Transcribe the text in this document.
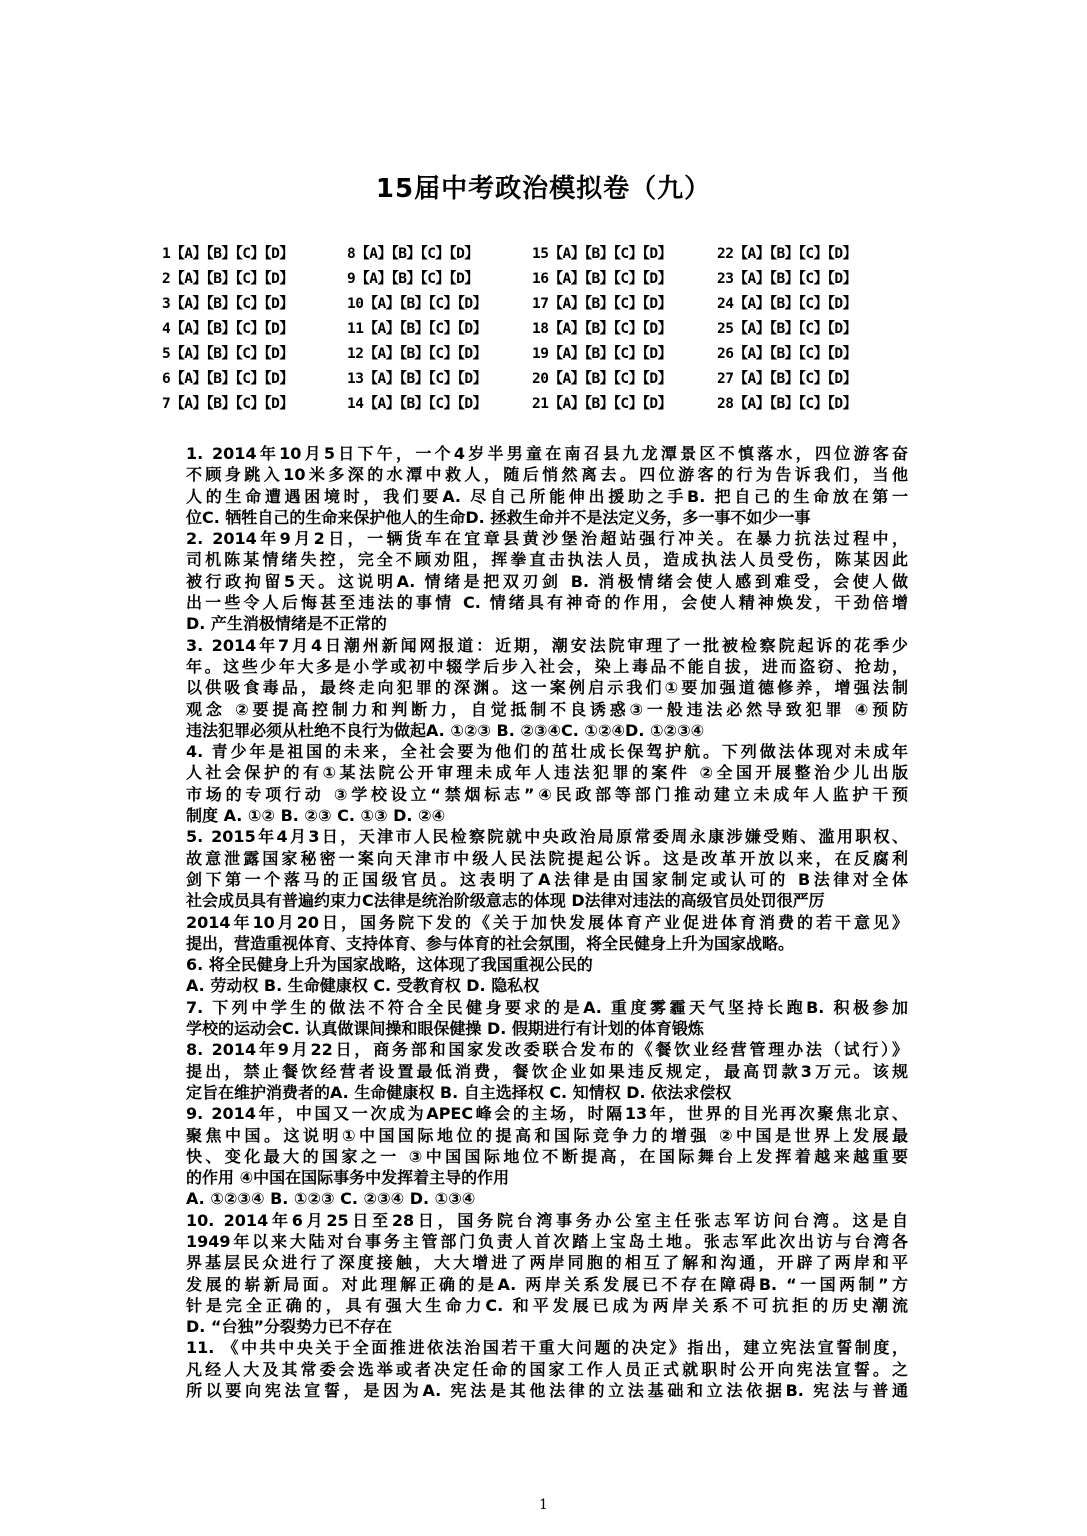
15届中考政治模拟卷（九）
1【A】【B】【C】【D】	8【A】【B】【C】【D】	15【A】【B】【C】【D】	22【A】【B】【C】【D】
2【A】【B】【C】【D】	9【A】【B】【C】【D】	16【A】【B】【C】【D】	23【A】【B】【C】【D】
3【A】【B】【C】【D】	10【A】【B】【C】【D】	17【A】【B】【C】【D】	24【A】【B】【C】【D】
4【A】【B】【C】【D】	11【A】【B】【C】【D】	18【A】【B】【C】【D】	25【A】【B】【C】【D】
5【A】【B】【C】【D】	12【A】【B】【C】【D】	19【A】【B】【C】【D】	26【A】【B】【C】【D】
6【A】【B】【C】【D】	13【A】【B】【C】【D】	20【A】【B】【C】【D】	27【A】【B】【C】【D】
7【A】【B】【C】【D】	14【A】【B】【C】【D】	21【A】【B】【C】【D】	28【A】【B】【C】【D】
1. 2014年10月5日下午，一个4岁半男童在南召县九龙潭景区不慎落水，四位游客奋
不顾身跳入10米多深的水潭中救人，随后悄然离去。四位游客的行为告诉我们，当他
人的生命遭遇困境时，我们要A. 尽自己所能伸出援助之手B. 把自己的生命放在第一
位C. 牺牲自己的生命来保护他人的生命D. 拯救生命并不是法定义务，多一事不如少一事
2. 2014年9月2日，一辆货车在宜章县黄沙堡治超站强行冲关。在暴力抗法过程中，
司机陈某情绪失控，完全不顾劝阻，挥拳直击执法人员，造成执法人员受伤，陈某因此
被行政拘留5天。这说明A. 情绪是把双刃剑 B. 消极情绪会使人感到难受，会使人做
出一些令人后悔甚至违法的事情 C. 情绪具有神奇的作用，会使人精神焕发，干劲倍增
D. 产生消极情绪是不正常的
3. 2014年7月4日潮州新闻网报道：近期，潮安法院审理了一批被检察院起诉的花季少
年。这些少年大多是小学或初中辍学后步入社会，染上毒品不能自拔，进而盗窃、抢劫，
以供吸食毒品，最终走向犯罪的深渊。这一案例启示我们①要加强道德修养，增强法制
观念 ②要提高控制力和判断力，自觉抵制不良诱惑③一般违法必然导致犯罪 ④预防
违法犯罪必须从杜绝不良行为做起A. ①②③ B. ②③④C. ①②④D. ①②③④
4. 青少年是祖国的未来，全社会要为他们的茁壮成长保驾护航。下列做法体现对未成年
人社会保护的有①某法院公开审理未成年人违法犯罪的案件 ②全国开展整治少儿出版
市场的专项行动 ③学校设立“禁烟标志”④民政部等部门推动建立未成年人监护干预
制度 A. ①② B. ②③ C. ①③ D. ②④
5. 2015年4月3日，天津市人民检察院就中央政治局原常委周永康涉嫌受贿、滥用职权、
故意泄露国家秘密一案向天津市中级人民法院提起公诉。这是改革开放以来，在反腐利
剑下第一个落马的正国级官员。这表明了A法律是由国家制定或认可的 B法律对全体
社会成员具有普遍约束力C法律是统治阶级意志的体现 D法律对违法的高级官员处罚很严厉
2014年10月20日，国务院下发的《关于加快发展体育产业促进体育消费的若干意见》
提出，营造重视体育、支持体育、参与体育的社会氛围，将全民健身上升为国家战略。
6. 将全民健身上升为国家战略，这体现了我国重视公民的
A. 劳动权 B. 生命健康权 C. 受教育权 D. 隐私权
7. 下列中学生的做法不符合全民健身要求的是A. 重度雾霾天气坚持长跑B. 积极参加
学校的运动会C. 认真做课间操和眼保健操 D. 假期进行有计划的体育锻炼
8. 2014年9月22日，商务部和国家发改委联合发布的《餐饮业经营管理办法（试行）》
提出，禁止餐饮经营者设置最低消费，餐饮企业如果违反规定，最高罚款3万元。该规
定旨在维护消费者的A. 生命健康权 B. 自主选择权 C. 知情权 D. 依法求偿权
9. 2014年，中国又一次成为APEC峰会的主场，时隔13年，世界的目光再次聚焦北京、
聚焦中国。这说明①中国国际地位的提高和国际竞争力的增强 ②中国是世界上发展最
快、变化最大的国家之一 ③中国国际地位不断提高，在国际舞台上发挥着越来越重要
的作用 ④中国在国际事务中发挥着主导的作用
A. ①②③④ B. ①②③ C. ②③④ D. ①③④
10. 2014年6月25日至28日，国务院台湾事务办公室主任张志军访问台湾。这是自
1949年以来大陆对台事务主管部门负责人首次踏上宝岛土地。张志军此次出访与台湾各
界基层民众进行了深度接触，大大增进了两岸同胞的相互了解和沟通，开辟了两岸和平
发展的崭新局面。对此理解正确的是A. 两岸关系发展已不存在障碍B. “一国两制”方
针是完全正确的，具有强大生命力C. 和平发展已成为两岸关系不可抗拒的历史潮流
D. “台独”分裂势力已不存在
11. 《中共中央关于全面推进依法治国若干重大问题的决定》指出，建立宪法宣誓制度，
凡经人大及其常委会选举或者决定任命的国家工作人员正式就职时公开向宪法宣誓。之
所以要向宪法宣誓，是因为A. 宪法是其他法律的立法基础和立法依据B. 宪法与普通
1
